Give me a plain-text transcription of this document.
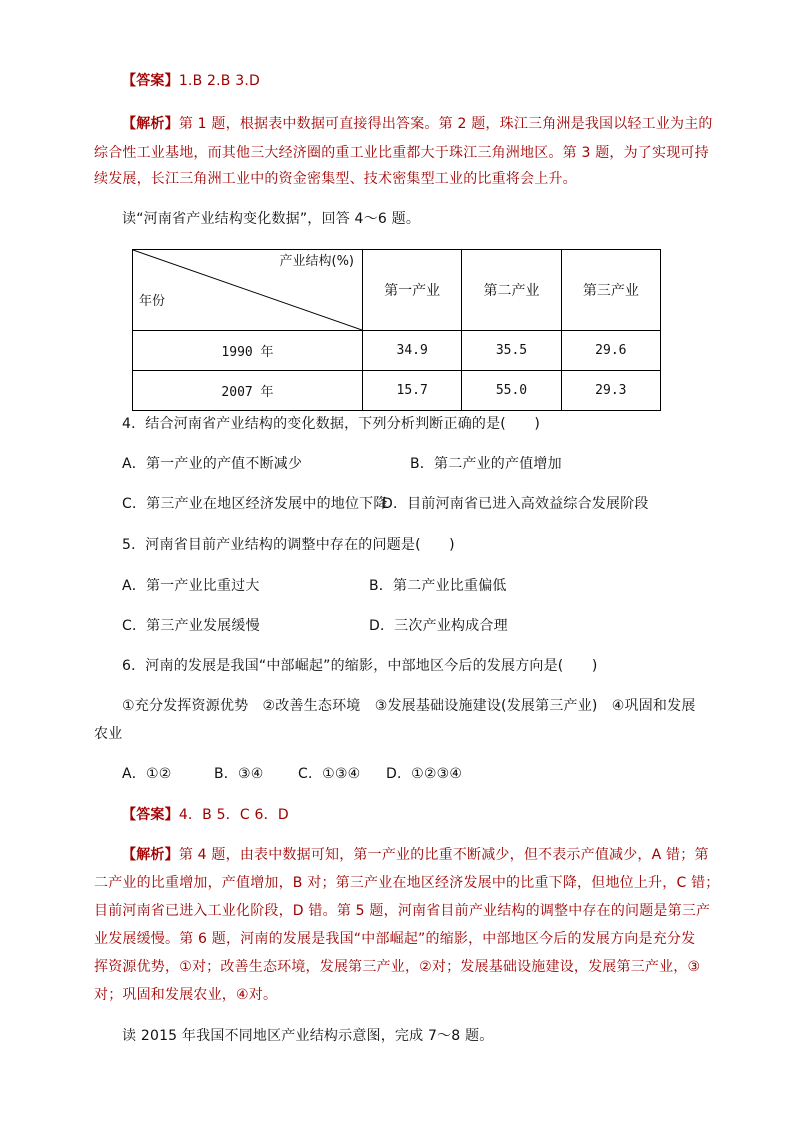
【答案】1.B 2.B 3.D
【解析】第 1 题，根据表中数据可直接得出答案。第 2 题，珠江三角洲是我国以轻工业为主的
综合性工业基地，而其他三大经济圈的重工业比重都大于珠江三角洲地区。第 3 题，为了实现可持
续发展，长江三角洲工业中的资金密集型、技术密集型工业的比重将会上升。
读“河南省产业结构变化数据”，回答 4～6 题。
产业结构(%)
年份	第一产业	第二产业	第三产业
1990 年	34.9	35.5	29.6
2007 年	15.7	55.0	29.3
4．结合河南省产业结构的变化数据，下列分析判断正确的是(　　)
A．第一产业的产值不断减少	B．第二产业的产值增加
C．第三产业在地区经济发展中的地位下降
D．目前河南省已进入高效益综合发展阶段
5．河南省目前产业结构的调整中存在的问题是(　　)
A．第一产业比重过大	B．第二产业比重偏低
C．第三产业发展缓慢	D．三次产业构成合理
6．河南的发展是我国“中部崛起”的缩影，中部地区今后的发展方向是(　　)
①充分发挥资源优势　②改善生态环境　③发展基础设施建设(发展第三产业)　④巩固和发展
农业
A．①②	B．③④ C．①③④ D．①②③④
【答案】4．B 5．C 6．D
【解析】第 4 题，由表中数据可知，第一产业的比重不断减少，但不表示产值减少，A 错；第
二产业的比重增加，产值增加，B 对；第三产业在地区经济发展中的比重下降，但地位上升，C 错；
目前河南省已进入工业化阶段，D 错。第 5 题，河南省目前产业结构的调整中存在的问题是第三产
业发展缓慢。第 6 题，河南的发展是我国“中部崛起”的缩影，中部地区今后的发展方向是充分发
挥资源优势，①对；改善生态环境，发展第三产业，②对；发展基础设施建设，发展第三产业，③
对；巩固和发展农业，④对。
读 2015 年我国不同地区产业结构示意图，完成 7～8 题。
